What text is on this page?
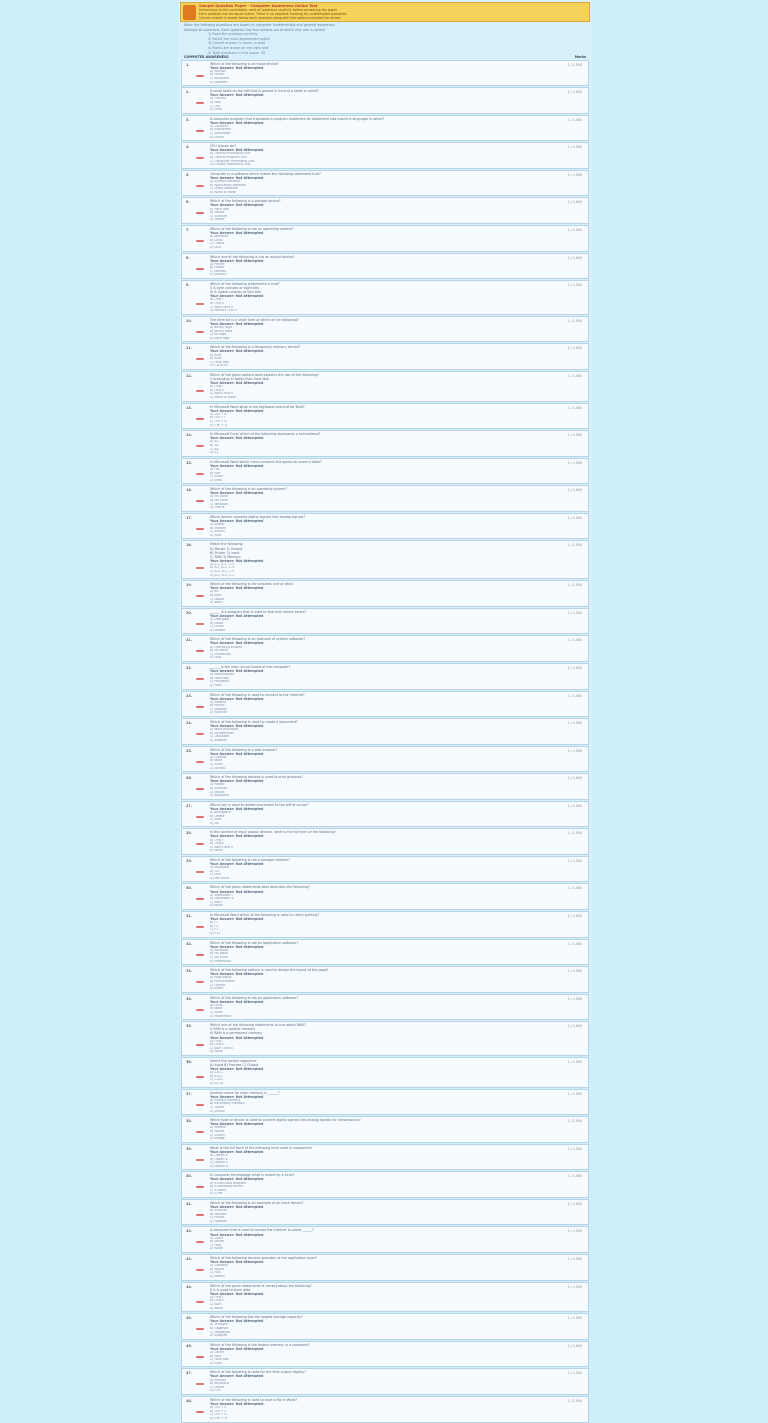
Sample Question Paper - Computer Awareness Online Test
Instructions to the candidates: read all questions carefully before answering the paper
Each question carries equal marks. There is no negative marking for unattempted questions
Correct answer is shown below each question along with the options provided for review
Note: the following questions are based on computer fundamentals and general awareness
Attempt all questions. Each question has four options out of which only one is correct
1) Read the question carefully
2) Select the most appropriate option
3) Correct answer is shown in bold
4) Marks are shown on the right side
5) Total questions in this paper: 50
COMPUTER AWARENESS	Marks
1.	1 / 1.000
Which of the following is an input device?
Your Answer: Not Attempted
A) Monitor
B) Printer
C) Keyboard
D) Speaker
2.	1 / 1.000
A small table on the left that is placed in front of a table is called?
Your Answer: Not Attempted
A) Column
B) Row
C) Cell
D) Field
3.	1 / 1.000
A computer program that translates a program statement by statement into machine language is called?
Your Answer: Not Attempted
A) Compiler
B) Interpreter
C) Assembler
D) Linker
4.	1 / 1.000
CPU stands for?
Your Answer: Not Attempted
A) Central Processing Unit
B) Central Program Unit
C) Computer Processing Unit
D) Control Processing Unit
5.	1 / 1.000
Computer is a software which makes the following statement true?
Your Answer: Not Attempted
A) System software
B) Application software
C) Utility software
D) None of these
6.	1 / 1.000
Which of the following is a storage device?
Your Answer: Not Attempted
A) Hard disk
B) Mouse
C) Scanner
D) Plotter
7.	1 / 1.000
Which of the following is not an operating system?
Your Answer: Not Attempted
A) Windows
B) Linux
C) Oracle
D) DOS
8.	1 / 1.000
Which one of the following is not an output device?
Your Answer: Not Attempted
A) Printer
B) Plotter
C) Monitor
D) Joystick
9.	1 / 1.000
Which of the following statements is true?
I) A byte consists of eight bits
II) A nibble consists of four bits
Your Answer: Not Attempted
A) Only I
B) Only II
C) Both I and II
D) Neither I nor II
10.	1 / 1.000
The term bit is a short form of which of the following?
Your Answer: Not Attempted
A) Binary digit
B) Binary data
C) Bit digit
D) Byte digit
11.	1 / 1.000
Which of the following is a temporary memory device?
Your Answer: Not Attempted
A) RAM
B) ROM
C) Hard disk
D) CD-ROM
12.	1 / 1.000
Which of the given options best explains the use of the following?
I) Arranging in faster than hard disk
Your Answer: Not Attempted
A) Only I
B) Only II
C) Both I and II
D) None of these
13.	1 / 1.000
In Microsoft Word what is the keyboard shortcut for Bold?
Your Answer: Not Attempted
A) Ctrl + B
B) Ctrl + I
C) Ctrl + U
D) Ctrl + D
14.	1 / 1.000
In Microsoft Excel which of the following represents a cell address?
Your Answer: Not Attempted
A) A1
B) 1A
C) AA
D) 11
15.	1 / 1.000
In Microsoft Word which menu contains the option to insert a table?
Your Answer: Not Attempted
A) File
B) Edit
C) Insert
D) View
16.	1 / 1.000
Which of the following is an operating system?
Your Answer: Not Attempted
A) MS Word
B) MS Excel
C) Windows
D) Oracle
17.	1 / 1.000
Which device converts digital signals into analog signals?
Your Answer: Not Attempted
A) Router
B) Modem
C) Switch
D) Hub
18.	1 / 1.000
Match the following:
A) Mouse 1) Output
B) Printer 2) Input
C) RAM 3) Memory
Your Answer: Not Attempted
A) A-2, B-1, C-3
B) A-1, B-2, C-3
C) A-3, B-1, C-2
D) A-2, B-3, C-1
19.	1 / 1.000
Which of the following is the smallest unit of data?
Your Answer: Not Attempted
A) Bit
B) Byte
C) Nibble
D) Word
20.	1 / 1.000
______ is a program that is used to find and correct errors?
Your Answer: Not Attempted
A) Debugger
B) Editor
C) Linker
D) Loader
21.	1 / 1.000
Which of the following is an example of system software?
Your Answer: Not Attempted
A) Operating system
B) MS Word
C) Photoshop
D) Tally
22.	1 / 1.000
______ is the main circuit board of the computer?
Your Answer: Not Attempted
A) Motherboard
B) Hard disk
C) Processor
D) RAM
23.	1 / 1.000
Which of the following is used to connect to the internet?
Your Answer: Not Attempted
A) Modem
B) Printer
C) Speaker
D) Scanner
24.	1 / 1.000
Which of the following is used to create a document?
Your Answer: Not Attempted
A) Word processor
B) Spreadsheet
C) Database
D) Browser
25.	1 / 1.000
Which of the following is a web browser?
Your Answer: Not Attempted
A) Chrome
B) Word
C) Excel
D) Access
26.	1 / 1.000
Which of the following devices is used to print graphics?
Your Answer: Not Attempted
A) Plotter
B) Scanner
C) Mouse
D) Keyboard
27.	1 / 1.000
Which key is used to delete characters to the left of cursor?
Your Answer: Not Attempted
A) Backspace
B) Delete
C) Shift
D) Alt
28.	1 / 1.000
In the context of input output devices, what is the full form of the following?
Your Answer: Not Attempted
A) Only I
B) Only II
C) Both I and II
D) None
29.	1 / 1.000
Which of the following is not a storage medium?
Your Answer: Not Attempted
A) Keyboard
B) CD
C) DVD
D) Pen drive
30.	1 / 1.000
Which of the given statements best describes the following?
Your Answer: Not Attempted
A) Statement I
B) Statement II
C) Both
D) None
31.	1 / 1.000
In Microsoft Word which of the following is used to check spelling?
Your Answer: Not Attempted
A) F7
B) F5
C) F1
D) F12
32.	1 / 1.000
Which of the following is not an application software?
Your Answer: Not Attempted
A) Windows
B) MS Word
C) MS Excel
D) Photoshop
33.	1 / 1.000
Which of the following options is used to design the layout of the page?
Your Answer: Not Attempted
A) Page setup
B) Print preview
C) Format
D) Insert
34.	1 / 1.000
Which of the following is not an application software?
Your Answer: Not Attempted
A) Linux
B) Word
C) Excel
D) PowerPoint
35.	1 / 1.000
Which one of the following statements is true about RAM?
I) RAM is a volatile memory
II) RAM is a permanent memory
Your Answer: Not Attempted
A) Only I
B) Only II
C) Both I and II
D) None
36.	1 / 1.000
Select the correct sequence:
A) Input B) Process C) Output
Your Answer: Not Attempted
A) A-B-C
B) B-A-C
C) C-B-A
D) A-C-B
37.	1 / 1.000
Another name for main memory is ______?
Your Answer: Not Attempted
A) Primary memory
B) Secondary memory
C) Cache
D) Virtual
38.	1 / 1.000
Which type of device is used to convert digital signals into analog signals for transmission?
Your Answer: Not Attempted
A) Modem
B) Router
C) Switch
D) Bridge
39.	1 / 1.000
What is the full form of the following term used in computers?
Your Answer: Not Attempted
A) Option A
B) Option B
C) Option C
D) Option D
40.	1 / 1.000
In computer terminology what is meant by a virus?
Your Answer: Not Attempted
A) A malicious program
B) A hardware device
C) A utility
D) A file
41.	1 / 1.000
Which of the following is an example of an input device?
Your Answer: Not Attempted
A) Scanner
B) Monitor
C) Printer
D) Speaker
42.	1 / 1.000
A computer that is used to access the internet is called ______?
Your Answer: Not Attempted
A) Client
B) Server
C) Host
D) Node
43.	1 / 1.000
Which of the following devices operates at the application layer?
Your Answer: Not Attempted
A) Gateway
B) Router
C) Hub
D) Switch
44.	1 / 1.000
Which of the given statements is correct about the following?
I) It is used to store data
Your Answer: Not Attempted
A) Only I
B) Only II
C) Both
D) None
45.	1 / 1.000
Which of the following has the largest storage capacity?
Your Answer: Not Attempted
A) Terabyte
B) Gigabyte
C) Megabyte
D) Kilobyte
46.	1 / 1.000
Which of the following is the fastest memory in a computer?
Your Answer: Not Attempted
A) Cache
B) RAM
C) Hard disk
D) ROM
47.	1 / 1.000
Which of the following is used for the final output display?
Your Answer: Not Attempted
A) Monitor
B) Keyboard
C) Mouse
D) CPU
48.	1 / 1.000
Which of the following is used to save a file in Word?
Your Answer: Not Attempted
A) Ctrl + S
B) Ctrl + P
C) Ctrl + O
D) Ctrl + N
